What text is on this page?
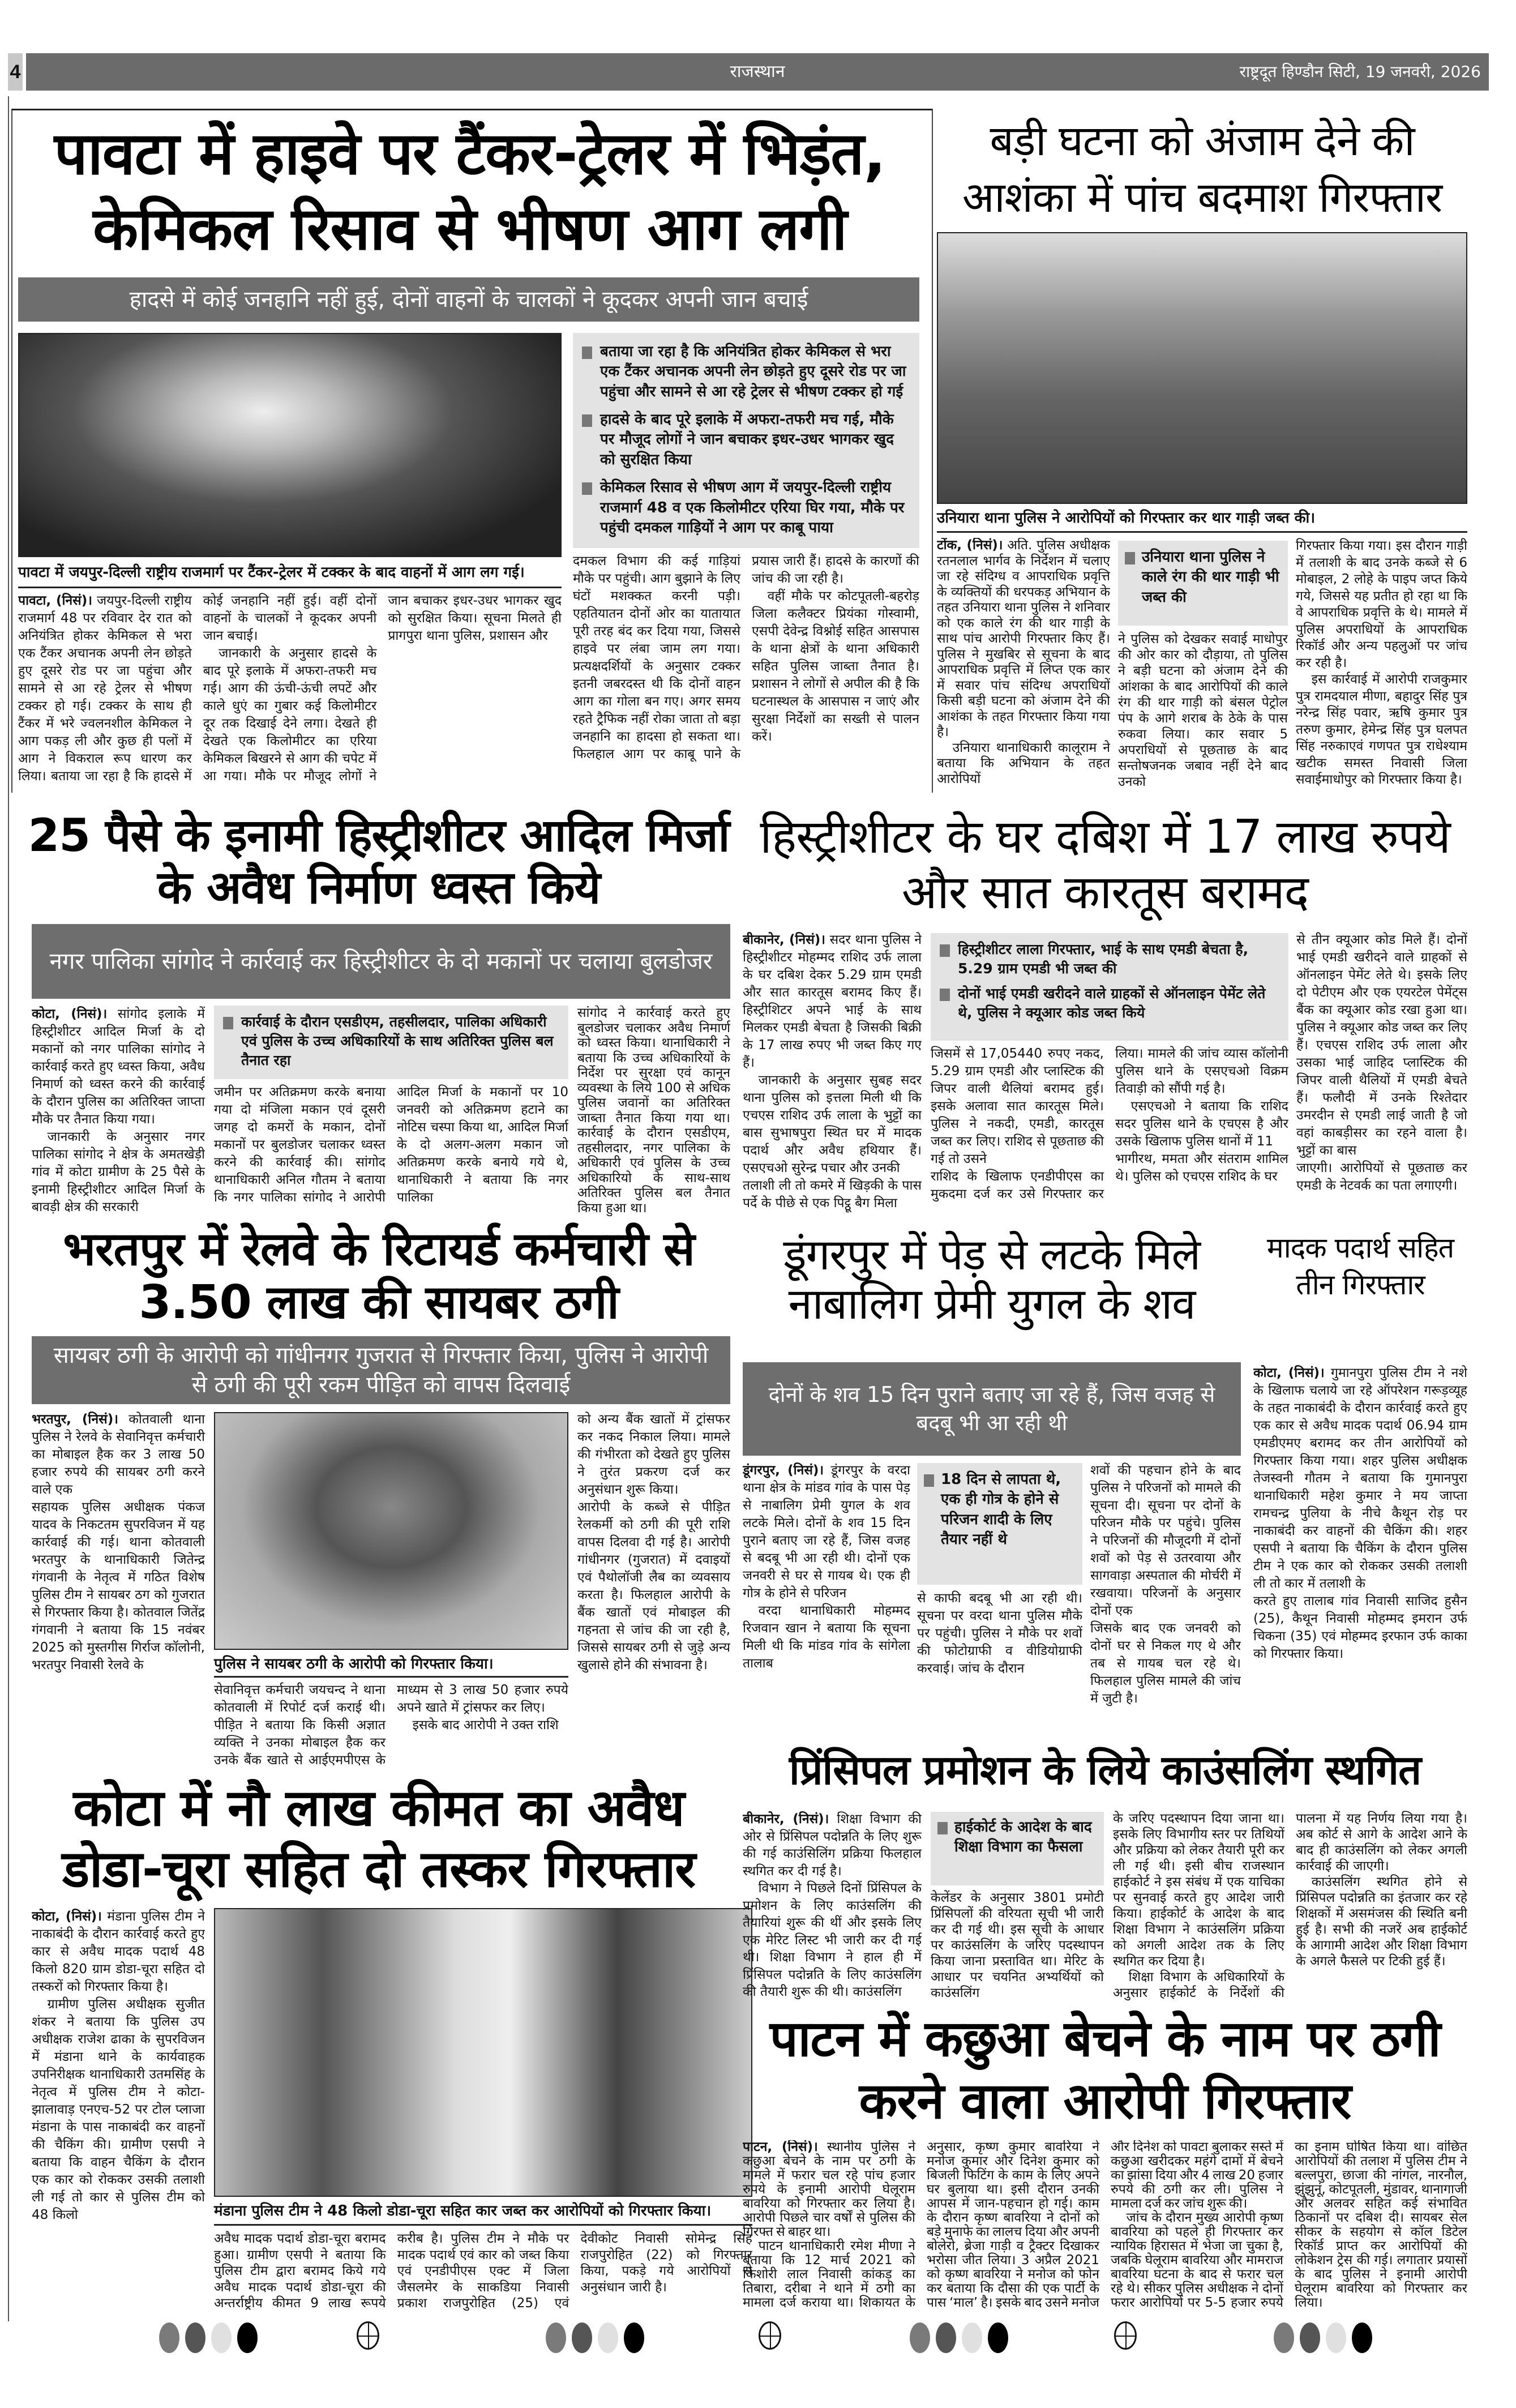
4	राजस्थान	राष्ट्रदूत हिण्डौन सिटी, 19 जनवरी, 2026
पावटा में हाइवे पर टैंकर-ट्रेलर में भिड़ंत, केमिकल रिसाव से भीषण आग लगी
हादसे में कोई जनहानि नहीं हुई, दोनों वाहनों के चालकों ने कूदकर अपनी जान बचाई
पावटा में जयपुर-दिल्ली राष्ट्रीय राजमार्ग पर टैंकर-ट्रेलर में टक्कर के बाद वाहनों में आग लग गई।
बताया जा रहा है कि अनियंत्रित होकर केमिकल से भरा एक टैंकर अचानक अपनी लेन छोड़ते हुए दूसरे रोड पर जा पहुंचा और सामने से आ रहे ट्रेलर से भीषण टक्कर हो गई
हादसे के बाद पूरे इलाके में अफरा-तफरी मच गई, मौके पर मौजूद लोगों ने जान बचाकर इधर-उधर भागकर खुद को सुरक्षित किया
केमिकल रिसाव से भीषण आग में जयपुर-दिल्ली राष्ट्रीय राजमार्ग 48 व एक किलोमीटर एरिया घिर गया, मौके पर पहुंची दमकल गाड़ियों ने आग पर काबू पाया

पावटा, (निसं)। जयपुर-दिल्ली राष्ट्रीय राजमार्ग 48 पर रविवार देर रात को अनियंत्रित होकर केमिकल से भरा एक टैंकर अचानक अपनी लेन छोड़ते हुए दूसरे रोड पर जा पहुंचा और सामने से आ रहे ट्रेलर से भीषण टक्कर हो गई। टक्कर के साथ ही टैंकर में भरे ज्वलनशील केमिकल ने आग पकड़ ली और कुछ ही पलों में आग ने विकराल रूप धारण कर लिया। बताया जा रहा है कि हादसे में कोई जनहानि नहीं हुई। वहीं दोनों वाहनों के चालकों ने कूदकर अपनी जान बचाई।

जानकारी के अनुसार हादसे के बाद पूरे इलाके में अफरा-तफरी मच गई। आग की ऊंची-ऊंची लपटें और काले धुएं का गुबार कई किलोमीटर दूर तक दिखाई देने लगा। देखते ही देखते एक किलोमीटर का एरिया केमिकल बिखरने से आग की चपेट में आ गया। मौके पर मौजूद लोगों ने जान बचाकर इधर-उधर भागकर खुद को सुरक्षित किया। सूचना मिलते ही प्रागपुरा थाना पुलिस, प्रशासन और

दमकल विभाग की कई गाड़ियां मौके पर पहुंची। आग बुझाने के लिए घंटों मशक्कत करनी पड़ी। एहतियातन दोनों ओर का यातायात पूरी तरह बंद कर दिया गया, जिससे हाइवे पर लंबा जाम लग गया। प्रत्यक्षदर्शियों के अनुसार टक्कर इतनी जबरदस्त थी कि दोनों वाहन आग का गोला बन गए। अगर समय रहते ट्रैफिक नहीं रोका जाता तो बड़ा जनहानि का हादसा हो सकता था। फिलहाल आग पर काबू पाने के प्रयास जारी हैं। हादसे के कारणों की जांच की जा रही है।

वहीं मौके पर कोटपूतली-बहरोड़ जिला कलैक्टर प्रियंका गोस्वामी, एसपी देवेन्द्र विश्नोई सहित आसपास के थाना क्षेत्रों के थाना अधिकारी सहित पुलिस जाब्ता तैनात है। प्रशासन ने लोगों से अपील की है कि घटनास्थल के आसपास न जाएं और सुरक्षा निर्देशों का सख्ती से पालन करें।

बड़ी घटना को अंजाम देने की आशंका में पांच बदमाश गिरफ्तार
उनियारा थाना पुलिस ने आरोपियों को गिरफ्तार कर थार गाड़ी जब्त की।

टोंक, (निसं)। अति. पुलिस अधीक्षक रतनलाल भार्गव के निर्देशन में चलाए जा रहे संदिग्ध व आपराधिक प्रवृत्ति के व्यक्तियों की धरपकड़ अभियान के तहत उनियारा थाना पुलिस ने शनिवार को एक काले रंग की थार गाड़ी के साथ पांच आरोपी गिरफ्तार किए हैं। पुलिस ने मुखबिर से सूचना के बाद आपराधिक प्रवृत्ति में लिप्त एक कार में सवार पांच संदिग्ध अपराधियों किसी बड़ी घटना को अंजाम देने की आशंका के तहत गिरफ्तार किया गया है।

उनियारा थानाधिकारी कालूराम ने बताया कि अभियान के तहत आरोपियों

उनियारा थाना पुलिस ने काले रंग की थार गाड़ी भी जब्त की

ने पुलिस को देखकर सवाई माधोपुर की ओर कार को दौड़ाया, तो पुलिस ने बड़ी घटना को अंजाम देने की आंशका के बाद आरोपियों की काले रंग की थार गाड़ी को बंसल पेट्रोल पंप के आगे शराब के ठेके के पास रुकवा लिया। कार सवार 5 अपराधियों से पूछताछ के बाद सन्तोषजनक जबाव नहीं देने बाद उनको

गिरफ्तार किया गया। इस दौरान गाड़ी में तलाशी के बाद उनके कब्जे से 6 मोबाइल, 2 लोहे के पाइप जप्त किये गये, जिससे यह प्रतीत हो रहा था कि वे आपराधिक प्रवृत्ति के थे। मामले में पुलिस अपराधियों के आपराधिक रिकॉर्ड और अन्य पहलुओं पर जांच कर रही है।

इस कार्रवाई में आरोपी राजकुमार पुत्र रामदयाल मीणा, बहादुर सिंह पुत्र नरेन्द्र सिंह पवार, ऋषि कुमार पुत्र तरुण कुमार, हेमेन्द्र सिंह पुत्र घलपत सिंह नरुकाएवं गणपत पुत्र राधेश्याम खटीक समस्त निवासी जिला सवाईमाधोपुर को गिरफ्तार किया है।

25 पैसे के इनामी हिस्ट्रीशीटर आदिल मिर्जा के अवैध निर्माण ध्वस्त किये
नगर पालिका सांगोद ने कार्रवाई कर हिस्ट्रीशीटर के दो मकानों पर चलाया बुलडोजर

कोटा, (निसं)। सांगोद इलाके में हिस्ट्रीशीटर आदिल मिर्जा के दो मकानों को नगर पालिका सांगोद ने कार्रवाई करते हुए ध्वस्त किया, अवैध निमार्ण को ध्वस्त करने की कार्रवाई के दौरान पुलिस का अतिरिक्त जाप्ता मौके पर तैनात किया गया।

जानकारी के अनुसार नगर पालिका सांगोद ने क्षेत्र के अमतखेड़ी गांव में कोटा ग्रामीण के 25 पैसे के इनामी हिस्ट्रीशीटर आदिल मिर्जा के बावड़ी क्षेत्र की सरकारी

कार्रवाई के दौरान एसडीएम, तहसीलदार, पालिका अधिकारी एवं पुलिस के उच्च अधिकारियों के साथ अतिरिक्त पुलिस बल तैनात रहा

जमीन पर अतिक्रमण करके बनाया गया दो मंजिला मकान एवं दूसरी जगह दो कमरों के मकान, दोनों मकानों पर बुलडोजर चलाकर ध्वस्त करने की कार्रवाई की। सांगोद थानाधिकारी अनिल गौतम ने बताया कि नगर पालिका सांगोद ने आरोपी आदिल मिर्जा के मकानों पर 10 जनवरी को अतिक्रमण हटाने का नोटिस चस्पा किया था, आदिल मिर्जा के दो अलग-अलग मकान जो अतिक्रमण करके बनाये गये थे, थानाधिकारी ने बताया कि नगर पालिका

सांगोद ने कार्रवाई करते हुए बुलडोजर चलाकर अवैध निमार्ण को ध्वस्त किया। थानाधिकारी ने बताया कि उच्च अधिकारियों के निर्देश पर सुरक्षा एवं कानून व्यवस्था के लिये 100 से अधिक पुलिस जवानों का अतिरिक्त जाब्ता तैनात किया गया था। कार्रवाई के दौरान एसडीएम, तहसीलदार, नगर पालिका के अधिकारी एवं पुलिस के उच्च अधिकारियो के साथ-साथ अतिरिक्त पुलिस बल तैनात किया हुआ था।

हिस्ट्रीशीटर के घर दबिश में 17 लाख रुपये और सात कारतूस बरामद

बीकानेर, (निसं)। सदर थाना पुलिस ने हिस्ट्रीशीटर मोहम्मद राशिद उर्फ लाला के घर दबिश देकर 5.29 ग्राम एमडी और सात कारतूस बरामद किए हैं। हिस्ट्रीशिटर अपने भाई के साथ मिलकर एमडी बेचता है जिसकी बिक्री के 17 लाख रुपए भी जब्त किए गए हैं।

जानकारी के अनुसार सुबह सदर थाना पुलिस को इत्तला मिली थी कि एचएस राशिद उर्फ लाला के भुट्टों का बास सुभाषपुरा स्थित घर में मादक पदार्थ और अवैध हथियार हैं। एसएचओ सुरेन्द्र पचार और उनकी

तलाशी ली तो कमरे में खिड़की के पास पर्दे के पीछे से एक पिट्ठू बैग मिला

हिस्ट्रीशीटर लाला गिरफ्तार, भाई के साथ एमडी बेचता है, 5.29 ग्राम एमडी भी जब्त की
दोनों भाई एमडी खरीदने वाले ग्राहकों से ऑनलाइन पेमेंट लेते थे, पुलिस ने क्यूआर कोड जब्त किये

जिसमें से 17,05440 रुपए नकद, 5.29 ग्राम एमडी और प्लास्टिक की जिपर वाली थैलियां बरामद हुई। इसके अलावा सात कारतूस मिले। पुलिस ने नकदी, एमडी, कारतूस जब्त कर लिए। राशिद से पूछताछ की गई तो उसने

राशिद के खिलाफ एनडीपीएस का मुकदमा दर्ज कर उसे गिरफ्तार कर लिया। मामले की जांच व्यास कॉलोनी पुलिस थाने के एसएचओ विक्रम तिवाड़ी को सौंपी गई है।

एसएचओ ने बताया कि राशिद सदर पुलिस थाने के एचएस है और उसके खिलाफ पुलिस थानों में 11

भागीरथ, ममता और संतराम शामिल थे। पुलिस को एचएस राशिद के घर

से तीन क्यूआर कोड मिले हैं। दोनों भाई एमडी खरीदने वाले ग्राहकों से ऑनलाइन पेमेंट लेते थे। इसके लिए दो पेटीएम और एक एयरटेल पेमेंट्स बैंक का क्यूआर कोड रखा हुआ था। पुलिस ने क्यूआर कोड जब्त कर लिए हैं। एचएस राशिद उर्फ लाला और उसका भाई जाहिद प्लास्टिक की जिपर वाली थैलियों में एमडी बेचते हैं। फलौदी में उनके रिश्तेदार उमरदीन से एमडी लाई जाती है जो वहां काबड़ीसर का रहने वाला है। भुट्टों का बास

जाएगी। आरोपियों से पूछताछ कर एमडी के नेटवर्क का पता लगाएगी।

भरतपुर में रेलवे के रिटायर्ड कर्मचारी से 3.50 लाख की सायबर ठगी
सायबर ठगी के आरोपी को गांधीनगर गुजरात से गिरफ्तार किया, पुलिस ने आरोपी से ठगी की पूरी रकम पीड़ित को वापस दिलवाई

भरतपुर, (निसं)। कोतवाली थाना पुलिस ने रेलवे के सेवानिवृत्त कर्मचारी का मोबाइल हैक कर 3 लाख 50 हजार रुपये की सायबर ठगी करने वाले एक

सहायक पुलिस अधीक्षक पंकज यादव के निकटतम सुपरविजन में यह कार्रवाई की गई। थाना कोतवाली भरतपुर के थानाधिकारी जितेन्द्र गंगवानी के नेतृत्व में गठित विशेष पुलिस टीम ने सायबर ठग को गुजरात से गिरफ्तार किया है। कोतवाल जितेंद्र गंगवानी ने बताया कि 15 नवंबर 2025 को मुस्तगीस गिर्राज कॉलोनी, भरतपुर निवासी रेलवे के	पुलिस ने सायबर ठगी के आरोपी को गिरफ्तार किया।

सेवानिवृत्त कर्मचारी जयचन्द ने थाना कोतवाली में रिपोर्ट दर्ज कराई थी। पीड़ित ने बताया कि किसी अज्ञात व्यक्ति ने उनका मोबाइल हैक कर उनके बैंक खाते से आईएमपीएस के माध्यम से 3 लाख 50 हजार रुपये अपने खाते में ट्रांसफर कर लिए।

इसके बाद आरोपी ने उक्त राशि

को अन्य बैंक खातों में ट्रांसफर कर नकद निकाल लिया। मामले की गंभीरता को देखते हुए पुलिस ने तुरंत प्रकरण दर्ज कर अनुसंधान शुरू किया।

आरोपी के कब्जे से पीड़ित रेलकर्मी को ठगी की पूरी राशि वापस दिलवा दी गई है। आरोपी गांधीनगर (गुजरात) में दवाइयों एवं पैथोलॉजी लैब का व्यवसाय करता है। फिलहाल आरोपी के बैंक खातों एवं मोबाइल की गहनता से जांच की जा रही है, जिससे सायबर ठगी से जुड़े अन्य खुलासे होने की संभावना है।

डूंगरपुर में पेड़ से लटके मिले नाबालिग प्रेमी युगल के शव
दोनों के शव 15 दिन पुराने बताए जा रहे हैं, जिस वजह से बदबू भी आ रही थी

डूंगरपुर, (निसं)। डूंगरपुर के वरदा थाना क्षेत्र के मांडव गांव के पास पेड़ से नाबालिग प्रेमी युगल के शव लटके मिले। दोनों के शव 15 दिन पुराने बताए जा रहे हैं, जिस वजह से बदबू भी आ रही थी। दोनों एक जनवरी से घर से गायब थे। एक ही गोत्र के होने से परिजन

वरदा थानाधिकारी मोहम्मद रिजवान खान ने बताया कि सूचना मिली थी कि मांडव गांव के सांगेला तालाब

18 दिन से लापता थे, एक ही गोत्र के होने से परिजन शादी के लिए तैयार नहीं थे

से काफी बदबू भी आ रही थी। सूचना पर वरदा थाना पुलिस मौके पर पहुंची। पुलिस ने मौके पर शवों की फोटोग्राफी व वीडियोग्राफी करवाई। जांच के दौरान

शवों की पहचान होने के बाद पुलिस ने परिजनों को मामले की सूचना दी। सूचना पर दोनों के परिजन मौके पर पहुंचे। पुलिस ने परिजनों की मौजूदगी में दोनों शवों को पेड़ से उतरवाया और सागवाड़ा अस्पताल की मोर्चरी में रखवाया। परिजनों के अनुसार दोनों एक

जिसके बाद एक जनवरी को दोनों घर से निकल गए थे और तब से गायब चल रहे थे। फिलहाल पुलिस मामले की जांच में जुटी है।

मादक पदार्थ सहित तीन गिरफ्तार

कोटा, (निसं)। गुमानपुरा पुलिस टीम ने नशे के खिलाफ चलाये जा रहे ऑपरेशन गरूड़व्यूह के तहत नाकाबंदी के दौरान कार्रवाई करते हुए एक कार से अवैध मादक पदार्थ 06.94 ग्राम एमडीएमए बरामद कर तीन आरोपियों को गिरफ्तार किया गया। शहर पुलिस अधीक्षक तेजस्वनी गौतम ने बताया कि गुमानपुरा थानाधिकारी महेश कुमार ने मय जाप्ता रामचन्द्र पुलिया के नीचे कैथून रोड़ पर नाकाबंदी कर वाहनों की चैकिंग की। शहर एसपी ने बताया कि चैकिंग के दौरान पुलिस टीम ने एक कार को रोककर उसकी तलाशी ली तो कार में तलाशी के

करते हुए तालाब गांव निवासी साजिद हुसैन (25), कैथून निवासी मोहम्मद इमरान उर्फ चिकना (35) एवं मोहम्मद इरफान उर्फ काका को गिरफ्तार किया।

कोटा में नौ लाख कीमत का अवैध डोडा-चूरा सहित दो तस्कर गिरफ्तार

कोटा, (निसं)। मंडाना पुलिस टीम ने नाकाबंदी के दौरान कार्रवाई करते हुए कार से अवैध मादक पदार्थ 48 किलो 820 ग्राम डोडा-चूरा सहित दो तस्करों को गिरफ्तार किया है।

ग्रामीण पुलिस अधीक्षक सुजीत शंकर ने बताया कि पुलिस उप अधीक्षक राजेश ढाका के सुपरविजन में मंडाना थाने के कार्यवाहक उपनिरीक्षक थानाधिकारी उतमसिंह के नेतृत्व में पुलिस टीम ने कोटा-झालावाड़ एनएच-52 पर टोल प्लाजा मंडाना के पास नाकाबंदी कर वाहनों की चैकिंग की। ग्रामीण एसपी ने बताया कि वाहन चैकिंग के दौरान एक कार को रोककर उसकी तलाशी ली गई तो कार से पुलिस टीम को 48 किलो	मंडाना पुलिस टीम ने 48 किलो डोडा-चूरा सहित कार जब्त कर आरोपियों को गिरफ्तार किया।

अवैध मादक पदार्थ डोडा-चूरा बरामद हुआ। ग्रामीण एसपी ने बताया कि पुलिस टीम द्वारा बरामद किये गये अवैध मादक पदार्थ डोडा-चूरा की अन्तर्राष्ट्रीय कीमत 9 लाख रूपये करीब है। पुलिस टीम ने मौके पर मादक पदार्थ एवं कार को जब्त किया एवं एनडीपीएस एक्ट में जिला जैसलमेर के साकडिया निवासी प्रकाश राजपुरोहित (25) एवं देवीकोट निवासी सोमेन्द्र सिह राजपुरोहित (22) को गिरफ्तार किया, पकड़े गये आरोपियों से अनुसंधान जारी है।

प्रिंसिपल प्रमोशन के लिये काउंसलिंग स्थगित

बीकानेर, (निसं)। शिक्षा विभाग की ओर से प्रिंसिपल पदोन्नति के लिए शुरू की गई काउंसिलिंग प्रक्रिया फिलहाल स्थगित कर दी गई है।

विभाग ने पिछले दिनों प्रिंसिपल के प्रमोशन के लिए काउंसलिंग की तैयारियां शुरू की थीं और इसके लिए एक मेरिट लिस्ट भी जारी कर दी गई थी। शिक्षा विभाग ने हाल ही में प्रिंसिपल पदोन्नति के लिए काउंसलिंग की तैयारी शुरू की थी। काउंसलिंग

हाईकोर्ट के आदेश के बाद शिक्षा विभाग का फैसला

केलेंडर के अनुसार 3801 प्रमोटी प्रिंसिपलों की वरियता सूची भी जारी कर दी गई थी। इस सूची के आधार पर काउंसलिंग के जरिए पदस्थापन किया जाना प्रस्तावित था। मेरिट के आधार पर चयनित अभ्यर्थियों को काउंसलिंग

के जरिए पदस्थापन दिया जाना था। इसके लिए विभागीय स्तर पर तिथियों और प्रक्रिया को लेकर तैयारी पूरी कर ली गई थी। इसी बीच राजस्थान हाईकोर्ट ने इस संबंध में एक याचिका पर सुनवाई करते हुए आदेश जारी किया। हाईकोर्ट के आदेश के बाद शिक्षा विभाग ने काउंसलिंग प्रक्रिया को अगली आदेश तक के लिए स्थगित कर दिया है।

शिक्षा विभाग के अधिकारियों के अनुसार हाईकोर्ट के निर्देशों की पालना में यह निर्णय लिया गया है। अब कोर्ट से आगे के आदेश आने के बाद ही काउंसलिंग को लेकर अगली कार्रवाई की जाएगी।

काउंसलिंग स्थगित होने से प्रिंसिपल पदोन्नति का इंतजार कर रहे शिक्षकों में असमंजस की स्थिति बनी हुई है। सभी की नजरें अब हाईकोर्ट के आगामी आदेश और शिक्षा विभाग के अगले फैसले पर टिकी हुई हैं।

पाटन में कछुआ बेचने के नाम पर ठगी करने वाला आरोपी गिरफ्तार

पाटन, (निसं)। स्थानीय पुलिस ने कछुआ बेचने के नाम पर ठगी के मामले में फरार चल रहे पांच हजार रुपये के इनामी आरोपी घेलूराम बावरिया को गिरफ्तार कर लिया है। आरोपी पिछले चार वर्षों से पुलिस की गिरफ्त से बाहर था।

पाटन थानाधिकारी रमेश मीणा ने बताया कि 12 मार्च 2021 को किशोरी लाल निवासी कांकड़ का तिबारा, दरीबा ने थाने में ठगी का मामला दर्ज कराया था। शिकायत के अनुसार, कृष्ण कुमार बावरिया ने मनोज कुमार और दिनेश कुमार को बिजली फिटिंग के काम के लिए अपने घर बुलाया था। इसी दौरान उनकी आपस में जान-पहचान हो गई। काम के दौरान कृष्ण बावरिया ने दोनों को बड़े मुनाफे का लालच दिया और अपनी बोलेरो, ब्रेजा गाड़ी व ट्रैक्टर दिखाकर भरोसा जीत लिया। 3 अप्रैल 2021 को कृष्ण बावरिया ने मनोज को फोन कर बताया कि दौसा की एक पार्टी के पास ‘माल’ है। इसके बाद उसने मनोज और दिनेश को पावटा बुलाकर सस्ते में कछुआ खरीदकर महंगे दामों में बेचने का झांसा दिया और 4 लाख 20 हजार रुपये की ठगी कर ली। पुलिस ने मामला दर्ज कर जांच शुरू की।

जांच के दौरान मुख्य आरोपी कृष्ण बावरिया को पहले ही गिरफ्तार कर न्यायिक हिरासत में भेजा जा चुका है, जबकि घेलूराम बावरिया और मामराज बावरिया घटना के बाद से फरार चल रहे थे। सीकर पुलिस अधीक्षक ने दोनों फरार आरोपियों पर 5-5 हजार रुपये का इनाम घोषित किया था। वांछित आरोपियों की तलाश में पुलिस टीम ने बल्लपुरा, छाजा की नांगल, नारनौल, झुंझुनूं, कोटपूतली, मुंडावर, थानागाजी और अलवर सहित कई संभावित ठिकानों पर दबिश दी। सायबर सेल सीकर के सहयोग से कॉल डिटेल रिकॉर्ड प्राप्त कर आरोपियों की लोकेशन ट्रेस की गई। लगातार प्रयासों के बाद पुलिस ने इनामी आरोपी घेलूराम बावरिया को गिरफ्तार कर लिया।
